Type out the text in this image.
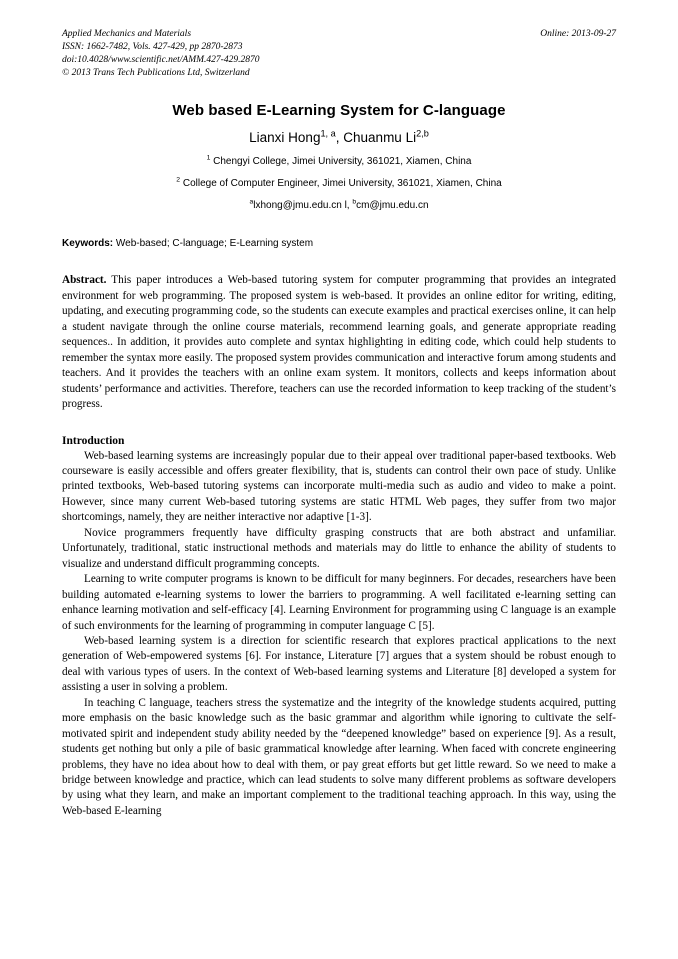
Applied Mechanics and Materials
ISSN: 1662-7482, Vols. 427-429, pp 2870-2873
doi:10.4028/www.scientific.net/AMM.427-429.2870
© 2013 Trans Tech Publications Ltd, Switzerland
Online: 2013-09-27
Web based E-Learning System for C-language
Lianxi Hong$^{1, a}$, Chuanmu Li$^{2,b}$
$^1$ Chengyi College, Jimei University, 361021, Xiamen, China
$^2$ College of Computer Engineer, Jimei University, 361021, Xiamen, China
$^a$lxhong@jmu.edu.cn l, $^b$cm@jmu.edu.cn
Keywords: Web-based; C-language; E-Learning system
Abstract. This paper introduces a Web-based tutoring system for computer programming that provides an integrated environment for web programming. The proposed system is web-based. It provides an online editor for writing, editing, updating, and executing programming code, so the students can execute examples and practical exercises online, it can help a student navigate through the online course materials, recommend learning goals, and generate appropriate reading sequences.. In addition, it provides auto complete and syntax highlighting in editing code, which could help students to remember the syntax more easily. The proposed system provides communication and interactive forum among students and teachers. And it provides the teachers with an online exam system. It monitors, collects and keeps information about students’ performance and activities. Therefore, teachers can use the recorded information to keep tracking of the student’s progress.
Introduction

Web-based learning systems are increasingly popular due to their appeal over traditional paper-based textbooks. Web courseware is easily accessible and offers greater flexibility, that is, students can control their own pace of study. Unlike printed textbooks, Web-based tutoring systems can incorporate multi-media such as audio and video to make a point. However, since many current Web-based tutoring systems are static HTML Web pages, they suffer from two major shortcomings, namely, they are neither interactive nor adaptive [1-3].

Novice programmers frequently have difficulty grasping constructs that are both abstract and unfamiliar. Unfortunately, traditional, static instructional methods and materials may do little to enhance the ability of students to visualize and understand difficult programming concepts.

Learning to write computer programs is known to be difficult for many beginners. For decades, researchers have been building automated e-learning systems to lower the barriers to programming. A well facilitated e-learning setting can enhance learning motivation and self-efficacy [4]. Learning Environment for programming using C language is an example of such environments for the learning of programming in computer language C [5].

Web-based learning system is a direction for scientific research that explores practical applications to the next generation of Web-empowered systems [6]. For instance, Literature [7] argues that a system should be robust enough to deal with various types of users. In the context of Web-based learning systems and Literature [8] developed a system for assisting a user in solving a problem.

In teaching C language, teachers stress the systematize and the integrity of the knowledge students acquired, putting more emphasis on the basic knowledge such as the basic grammar and algorithm while ignoring to cultivate the self-motivated spirit and independent study ability needed by the “deepened knowledge” based on experience [9]. As a result, students get nothing but only a pile of basic grammatical knowledge after learning. When faced with concrete engineering problems, they have no idea about how to deal with them, or pay great efforts but get little reward. So we need to make a bridge between knowledge and practice, which can lead students to solve many different problems as software developers by using what they learn, and make an important complement to the traditional teaching approach. In this way, using the Web-based E-learning
